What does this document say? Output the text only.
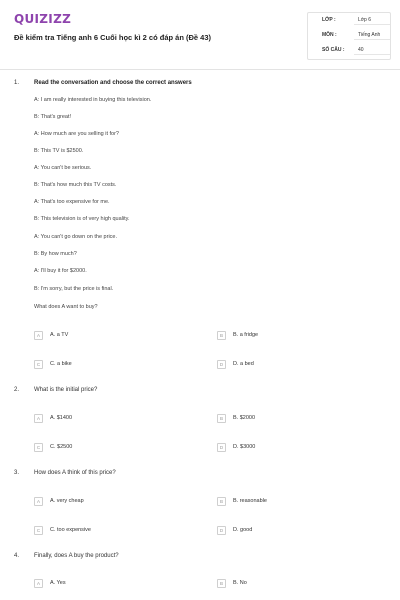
QUIZIZZ
Đề kiểm tra Tiếng anh 6 Cuối học kì 2 có đáp án (Đề 43)
LỚP :	Lớp 6
MÔN :	Tiếng Anh
SỐ CÂU :	40
1. Read the conversation and choose the correct answers
A: I am really interested in buying this television.
B: That's great!
A: How much are you selling it for?
B: This TV is $2500.
A: You can't be serious.
B: That's how much this TV costs.
A: That's too expensive for me.
B: This television is of very high quality.
A: You can't go down on the price.
B: By how much?
A: I'll buy it for $2000.
B: I'm sorry, but the price is final.
What does A want to buy?
A	A. a TV	B	B. a fridge
C	C. a bike	D	D. a bed
2. What is the initial price?
A	A. $1400	B	B. $2000
C	C. $2500	D	D. $3000
3. How does A think of this price?
A	A. very cheap	B	B. reasonable
C	C. too expensive	D	D. good
4. Finally, does A buy the product?
A	A. Yes	B	B. No
